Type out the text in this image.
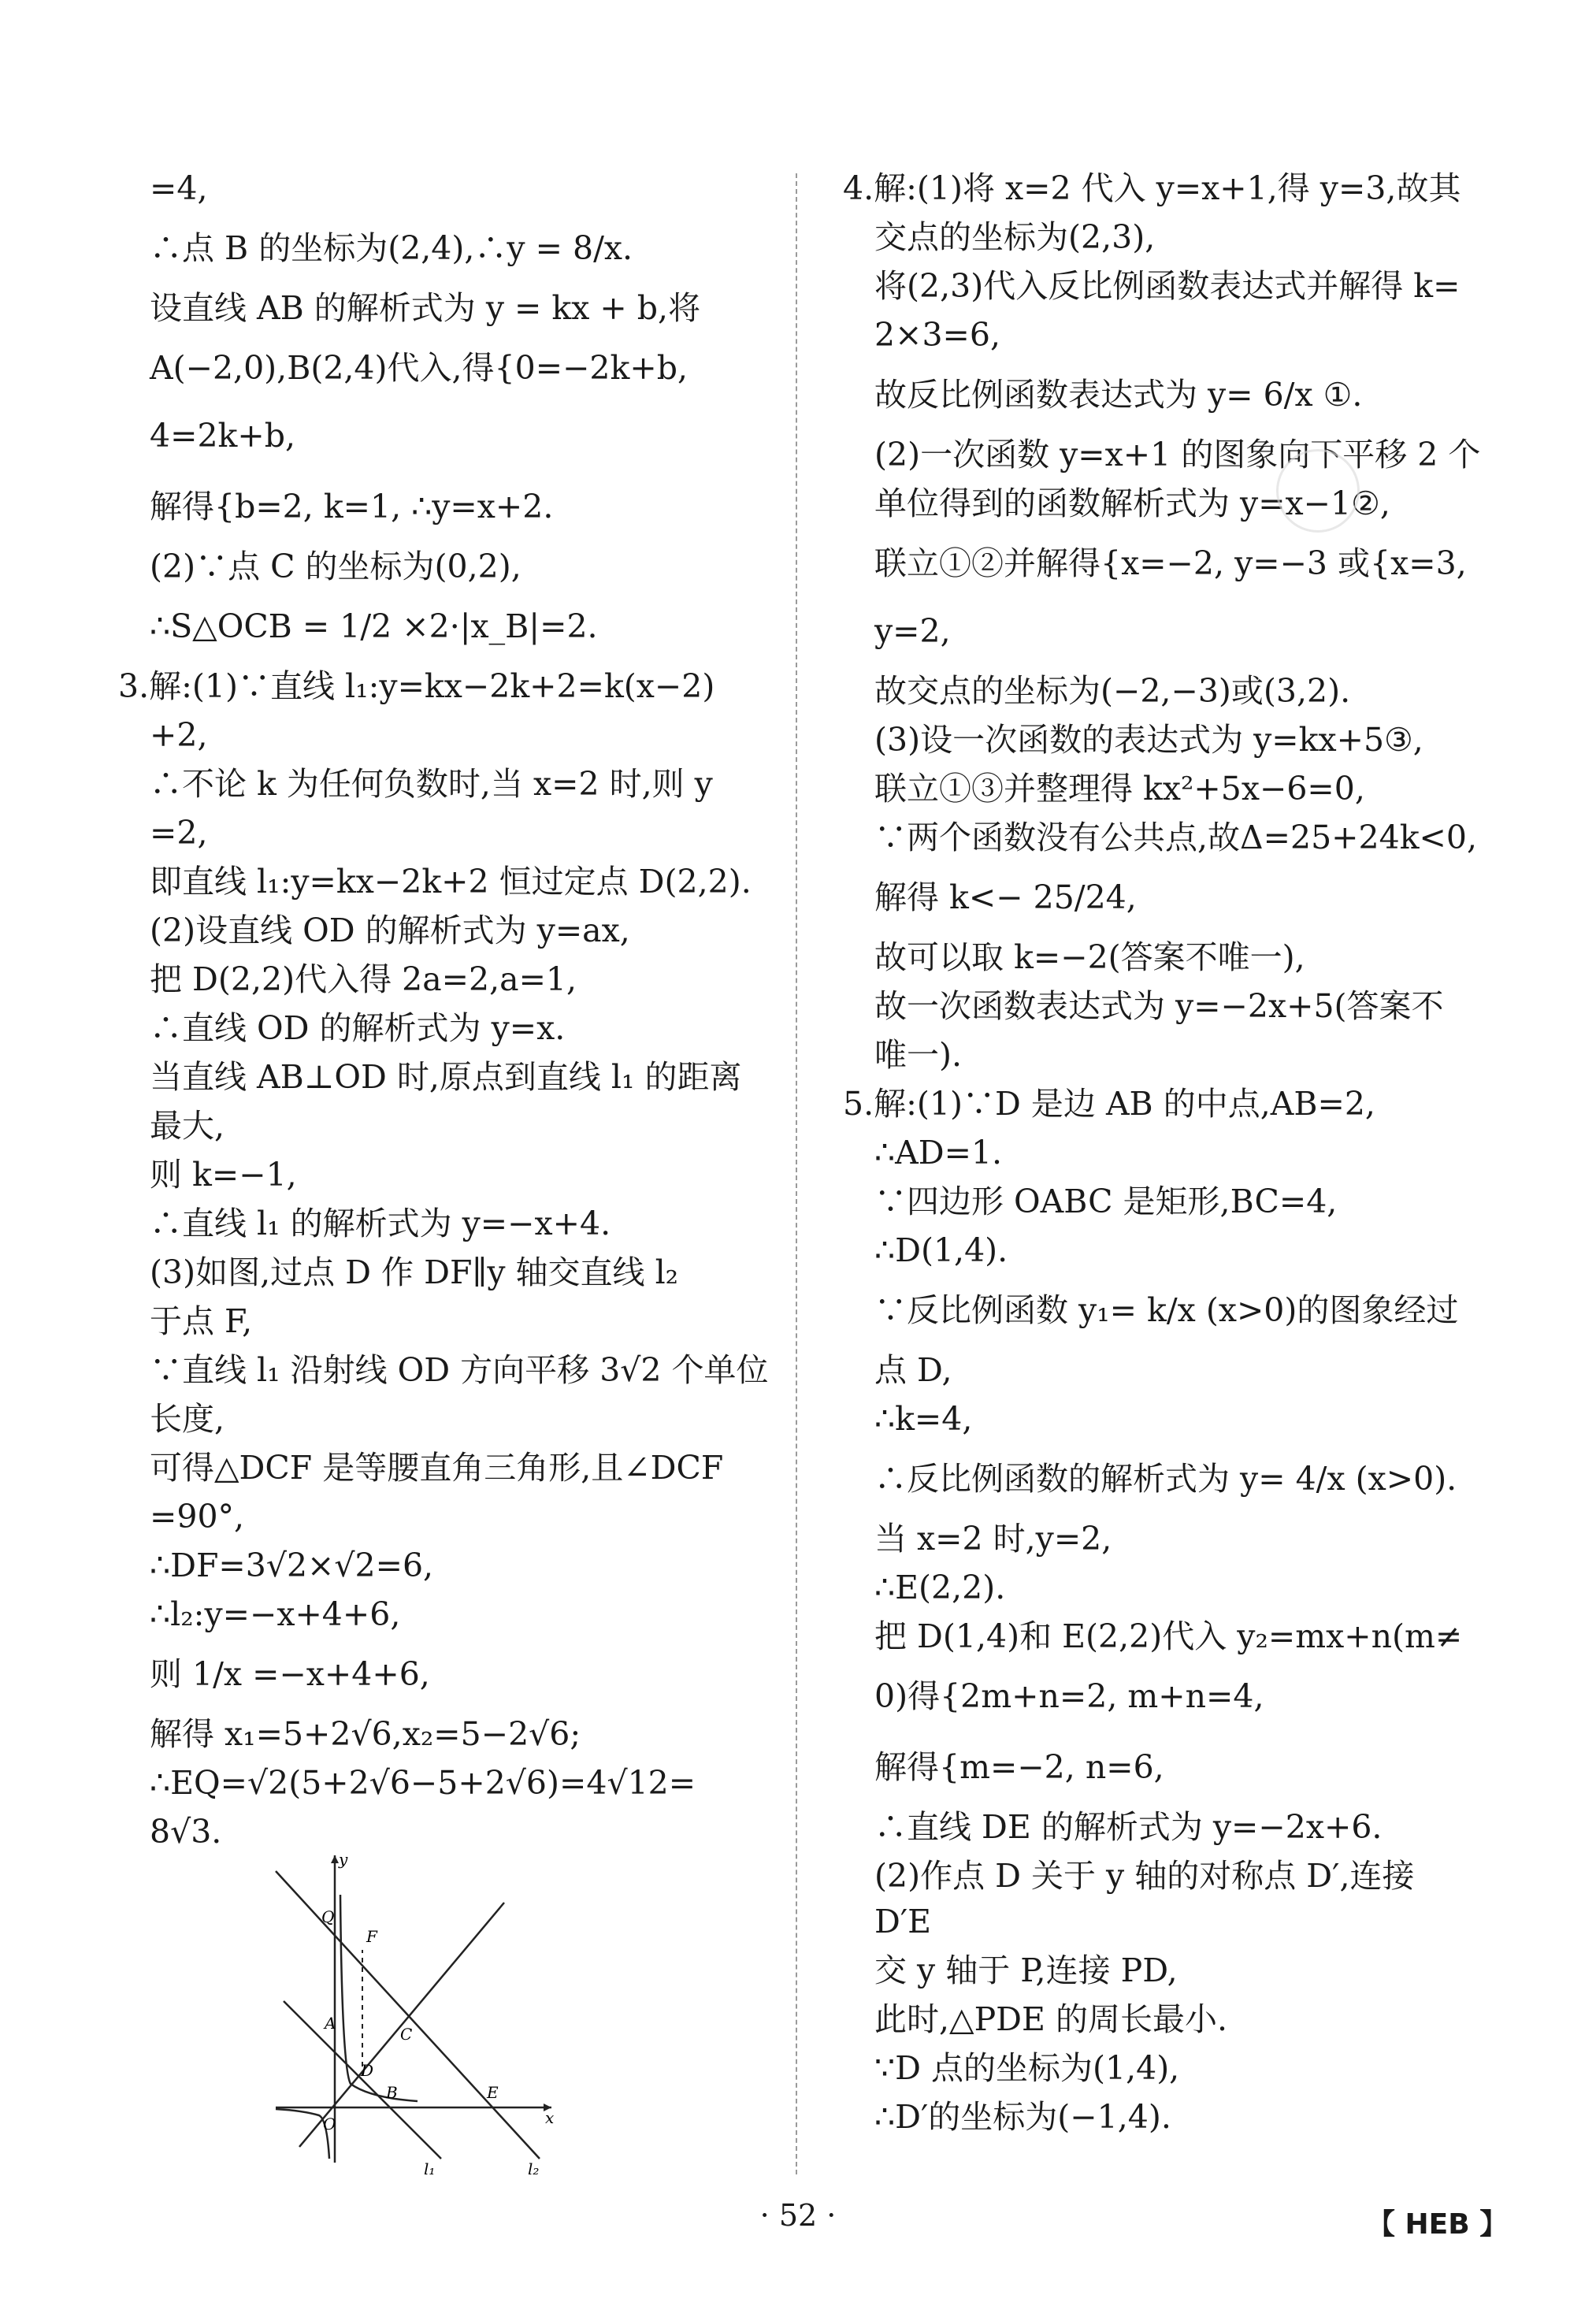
=4,
∴点 B 的坐标为(2,4),∴y = 8/x.
设直线 AB 的解析式为 y = kx + b,将
A(−2,0),B(2,4)代入,得{0=−2k+b, 4=2k+b,
解得{b=2, k=1, ∴y=x+2.
(2)∵点 C 的坐标为(0,2),
∴S△OCB = 1/2 ×2·|x_B|=2.
3.解:(1)∵直线 l₁:y=kx−2k+2=k(x−2)
+2,
∴不论 k 为任何负数时,当 x=2 时,则 y
=2,
即直线 l₁:y=kx−2k+2 恒过定点 D(2,2).
(2)设直线 OD 的解析式为 y=ax,
把 D(2,2)代入得 2a=2,a=1,
∴直线 OD 的解析式为 y=x.
当直线 AB⊥OD 时,原点到直线 l₁ 的距离
最大,
则 k=−1,
∴直线 l₁ 的解析式为 y=−x+4.
(3)如图,过点 D 作 DF∥y 轴交直线 l₂
于点 F,
∵直线 l₁ 沿射线 OD 方向平移 3√2 个单位
长度,
可得△DCF 是等腰直角三角形,且∠DCF
=90°,
∴DF=3√2×√2=6,
∴l₂:y=−x+4+6,
则 1/x =−x+4+6,
解得 x₁=5+2√6,x₂=5−2√6;
∴EQ=√2(5+2√6−5+2√6)=4√12=
8√3.
4.解:(1)将 x=2 代入 y=x+1,得 y=3,故其
交点的坐标为(2,3),
将(2,3)代入反比例函数表达式并解得 k=
2×3=6,
故反比例函数表达式为 y= 6/x ①.
(2)一次函数 y=x+1 的图象向下平移 2 个
单位得到的函数解析式为 y=x−1②,
联立①②并解得{x=−2, y=−3 或{x=3, y=2,
故交点的坐标为(−2,−3)或(3,2).
(3)设一次函数的表达式为 y=kx+5③,
联立①③并整理得 kx²+5x−6=0,
∵两个函数没有公共点,故Δ=25+24k<0,
解得 k<− 25/24,
故可以取 k=−2(答案不唯一),
故一次函数表达式为 y=−2x+5(答案不
唯一).
5.解:(1)∵D 是边 AB 的中点,AB=2,
∴AD=1.
∵四边形 OABC 是矩形,BC=4,
∴D(1,4).
∵反比例函数 y₁= k/x (x>0)的图象经过
点 D,
∴k=4,
∴反比例函数的解析式为 y= 4/x (x>0).
当 x=2 时,y=2,
∴E(2,2).
把 D(1,4)和 E(2,2)代入 y₂=mx+n(m≠
0)得{2m+n=2, m+n=4,
解得{m=−2, n=6,
∴直线 DE 的解析式为 y=−2x+6.
(2)作点 D 关于 y 轴的对称点 D′,连接 D′E
交 y 轴于 P,连接 PD,
此时,△PDE 的周长最小.
∵D 点的坐标为(1,4),
∴D′的坐标为(−1,4).
y
x
O
Q
F
A
C
D
B	E
l₁	l₂
· 52 ·	【 HEB 】
